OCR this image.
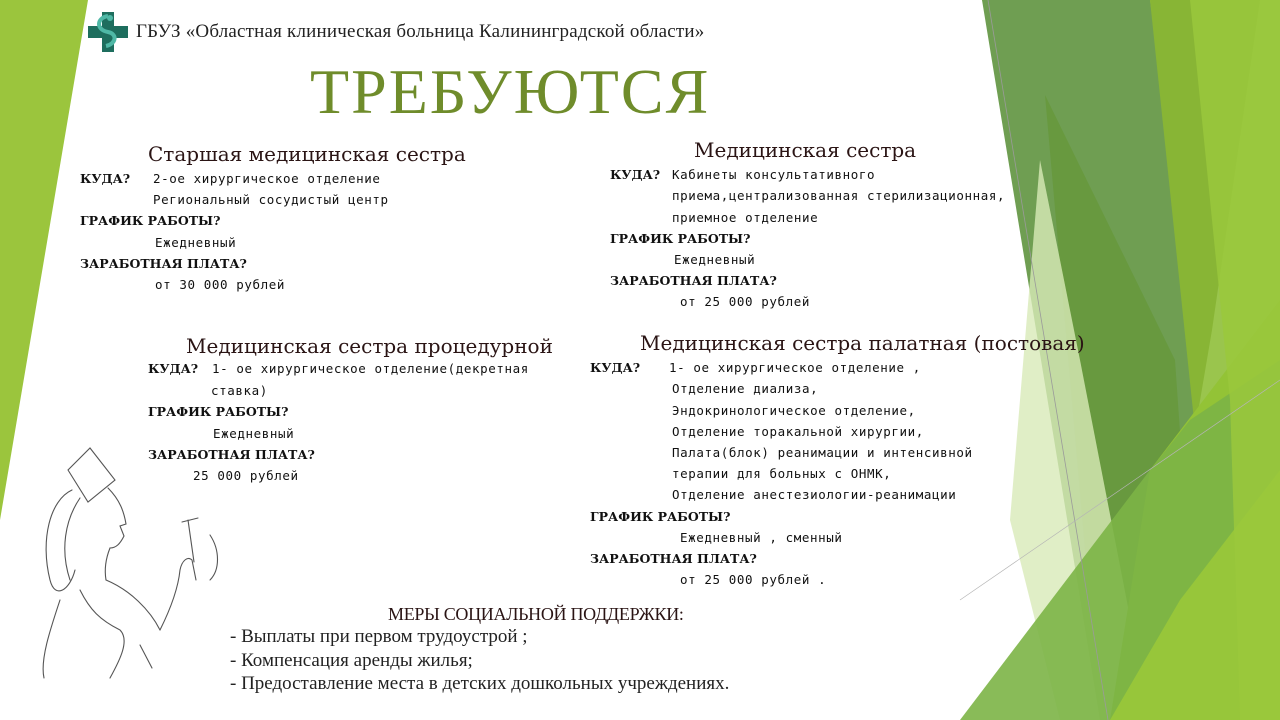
ГБУЗ «Областная клиническая больница Калининградской области»
ТРЕБУЮТСЯ
Старшая медицинская сестра
КУДА? 2-ое хирургическое отделение
Региональный сосудистый центр
ГРАФИК РАБОТЫ?
Ежедневный
ЗАРАБОТНАЯ ПЛАТА?
от 30 000 рублей
Медицинская сестра
КУДА? Кабинеты консультативного
приема,централизованная стерилизационная,
приемное отделение
ГРАФИК РАБОТЫ?
Ежедневный
ЗАРАБОТНАЯ ПЛАТА?
от 25 000 рублей
Медицинская сестра процедурной
КУДА? 1- ое хирургическое отделение(декретная
ставка)
ГРАФИК РАБОТЫ?
Ежедневный
ЗАРАБОТНАЯ ПЛАТА?
25 000 рублей
Медицинская сестра палатная (постовая)
КУДА? 1- ое хирургическое отделение ,
Отделение диализа,
Эндокринологическое отделение,
Отделение торакальной хирургии,
Палата(блок) реанимации и интенсивной
терапии для больных с ОНМК,
Отделение анестезиологии-реанимации
ГРАФИК РАБОТЫ?
Ежедневный , сменный
ЗАРАБОТНАЯ ПЛАТА?
от 25 000 рублей .
МЕРЫ СОЦИАЛЬНОЙ ПОДДЕРЖКИ:
- Выплаты при первом трудоустрой ;
- Компенсация аренды жилья;
- Предоставление места в детских дошкольных учреждениях.
